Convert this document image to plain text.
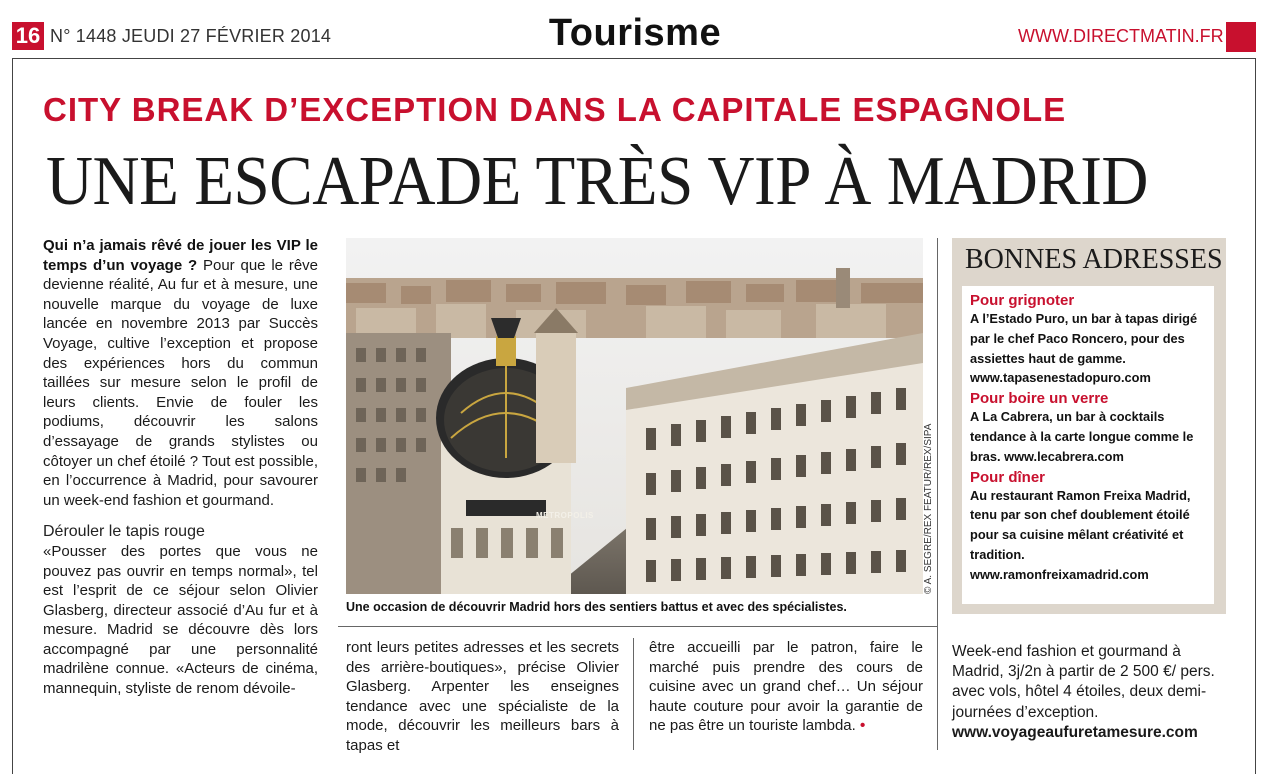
16 N° 1448 JEUDI 27 FÉVRIER 2014	Tourisme	WWW.DIRECTMATIN.FR
CITY BREAK D’EXCEPTION DANS LA CAPITALE ESPAGNOLE
UNE ESCAPADE TRÈS VIP À MADRID

Qui n’a jamais rêvé de jouer les VIP le temps d’un voyage ? Pour que le rêve devienne réalité, Au fur et à mesure, une nouvelle marque du voyage de luxe lancée en novembre 2013 par Succès Voyage, cultive l’exception et propose des expériences hors du commun taillées sur mesure selon le profil de leurs clients. Envie de fouler les podiums, découvrir les salons d’essayage de grands stylistes ou côtoyer un chef étoilé ? Tout est possible, en l’occurrence à Madrid, pour savourer un week-end fashion et gourmand.

Dérouler le tapis rouge

«Pousser des portes que vous ne pouvez pas ouvrir en temps normal», tel est l’esprit de ce séjour selon Olivier Glasberg, directeur associé d’Au fur et à mesure. Madrid se découvre dès lors accompagné par une personnalité madrilène connue. «Acteurs de cinéma, mannequin, styliste de renom dévoile-

METROPOLIS	© A. SEGRE/REX FEATUR/REX/SIPA
Une occasion de découvrir Madrid hors des sentiers battus et avec des spécialistes.
ront leurs petites adresses et les secrets des arrière-boutiques», précise Olivier Glasberg. Arpenter les enseignes tendance avec une spécialiste de la mode, découvrir les meilleurs bars à tapas et
être accueilli par le patron, faire le marché puis prendre des cours de cuisine avec un grand chef… Un séjour haute couture pour avoir la garantie de ne pas être un touriste lambda. •
BONNES ADRESSES
Pour grignoter
A l’Estado Puro, un bar à tapas dirigé par le chef Paco Roncero, pour des assiettes haut de gamme. www.tapasenestadopuro.com
Pour boire un verre
A La Cabrera, un bar à cocktails tendance à la carte longue comme le bras. www.lecabrera.com
Pour dîner
Au restaurant Ramon Freixa Madrid, tenu par son chef doublement étoilé pour sa cuisine mêlant créativité et tradition. www.ramonfreixamadrid.com
Week-end fashion et gourmand à Madrid, 3j/2n à partir de 2 500 €/ pers. avec vols, hôtel 4 étoiles, deux demi-journées d’exception.
www.voyageaufuretamesure.com
